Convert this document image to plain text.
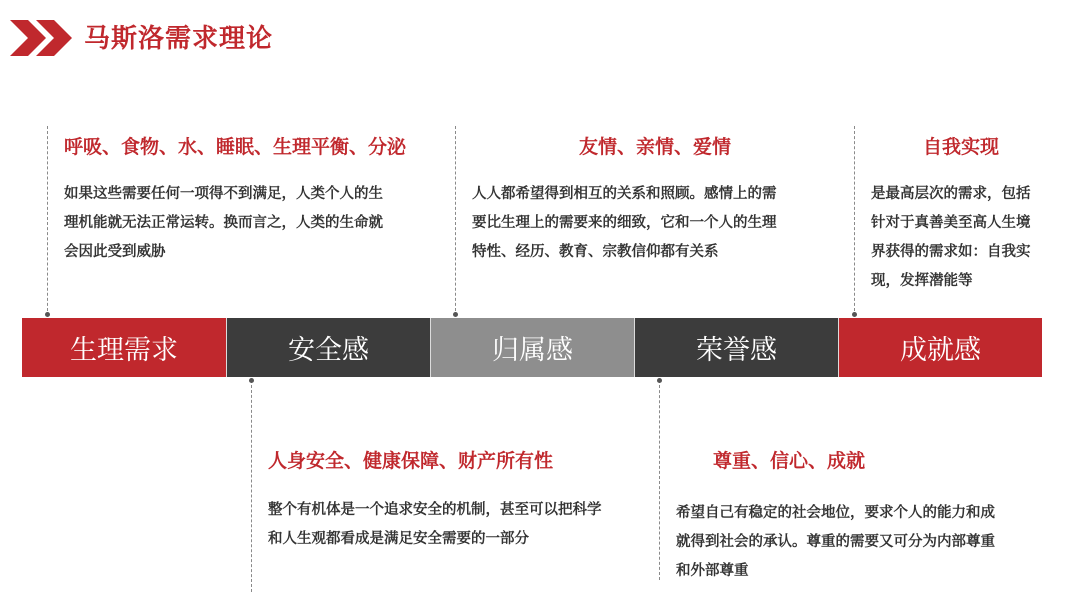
马斯洛需求理论
呼吸、食物、水、睡眠、生理平衡、分泌
如果这些需要任何一项得不到满足，人类个人的生
理机能就无法正常运转。换而言之，人类的生命就
会因此受到威胁
友情、亲情、爱情
人人都希望得到相互的关系和照顾。感情上的需
要比生理上的需要来的细致，它和一个人的生理
特性、经历、教育、宗教信仰都有关系
自我实现
是最高层次的需求，包括
针对于真善美至高人生境
界获得的需求如：自我实
现，发挥潜能等
生理需求	安全感	归属感	荣誉感	成就感
人身安全、健康保障、财产所有性
整个有机体是一个追求安全的机制，甚至可以把科学
和人生观都看成是满足安全需要的一部分
尊重、信心、成就
希望自己有稳定的社会地位，要求个人的能力和成
就得到社会的承认。尊重的需要又可分为内部尊重
和外部尊重
